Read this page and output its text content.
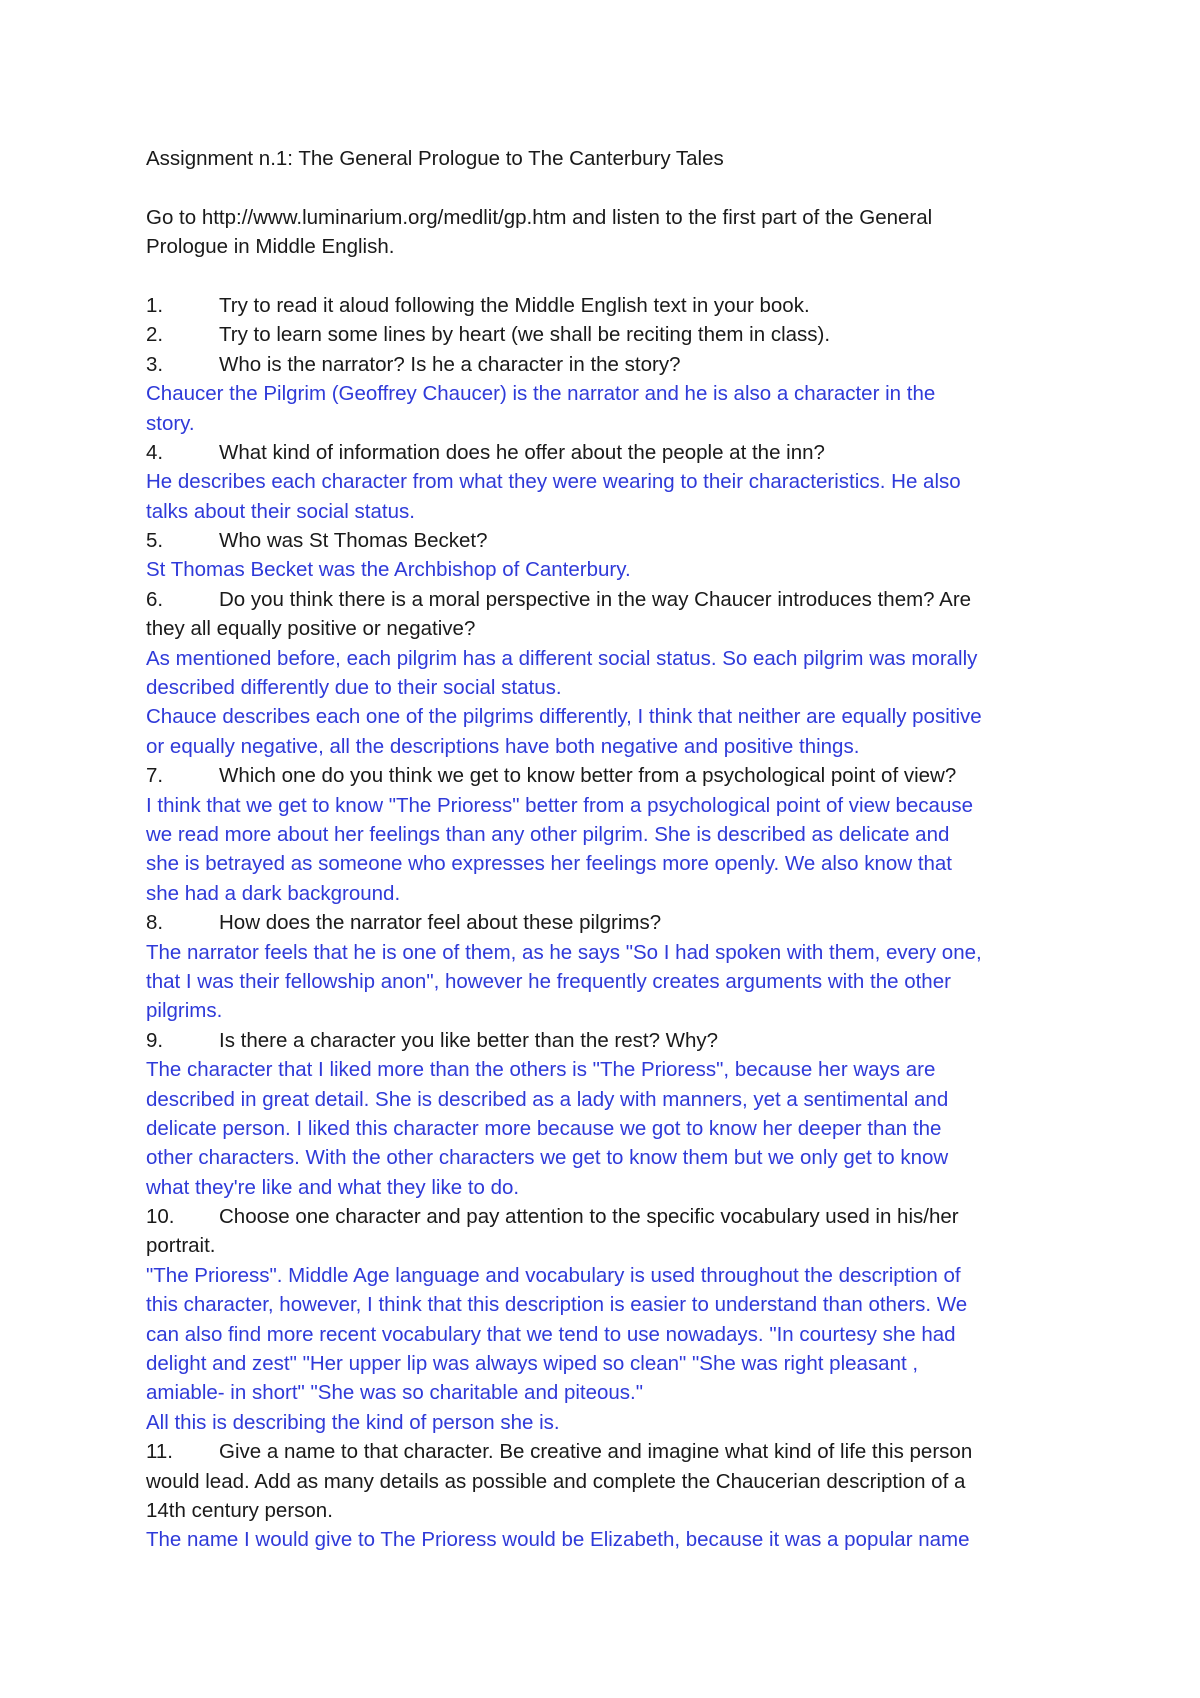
Assignment n.1: The General Prologue to The Canterbury Tales
Go to http://www.luminarium.org/medlit/gp.htm and listen to the first part of the General
Prologue in Middle English.
1.	Try to read it aloud following the Middle English text in your book.
2.	Try to learn some lines by heart (we shall be reciting them in class).
3.	Who is the narrator? Is he a character in the story?
Chaucer the Pilgrim (Geoffrey Chaucer) is the narrator and he is also a character in the
story.
4.	What kind of information does he offer about the people at the inn?
He describes each character from what they were wearing to their characteristics. He also
talks about their social status.
5.	Who was St Thomas Becket?
St Thomas Becket was the Archbishop of Canterbury.
6.	Do you think there is a moral perspective in the way Chaucer introduces them? Are
they all equally positive or negative?
As mentioned before, each pilgrim has a different social status. So each pilgrim was morally
described differently due to their social status.
Chauce describes each one of the pilgrims differently, I think that neither are equally positive
or equally negative, all the descriptions have both negative and positive things.
7.	Which one do you think we get to know better from a psychological point of view?
I think that we get to know "The Prioress" better from a psychological point of view because
we read more about her feelings than any other pilgrim. She is described as delicate and
she is betrayed as someone who expresses her feelings more openly. We also know that
she had a dark background.
8.	How does the narrator feel about these pilgrims?
The narrator feels that he is one of them, as he says "So I had spoken with them, every one,
that I was their fellowship anon", however he frequently creates arguments with the other
pilgrims.
9.	Is there a character you like better than the rest? Why?
The character that I liked more than the others is "The Prioress", because her ways are
described in great detail. She is described as a lady with manners, yet a sentimental and
delicate person. I liked this character more because we got to know her deeper than the
other characters. With the other characters we get to know them but we only get to know
what they're like and what they like to do.
10. Choose one character and pay attention to the specific vocabulary used in his/her
portrait.
"The Prioress". Middle Age language and vocabulary is used throughout the description of
this character, however, I think that this description is easier to understand than others. We
can also find more recent vocabulary that we tend to use nowadays. "In courtesy she had
delight and zest" "Her upper lip was always wiped so clean" "She was right pleasant ,
amiable- in short" "She was so charitable and piteous."
All this is describing the kind of person she is.
11. Give a name to that character. Be creative and imagine what kind of life this person
would lead. Add as many details as possible and complete the Chaucerian description of a
14th century person.
The name I would give to The Prioress would be Elizabeth, because it was a popular name
